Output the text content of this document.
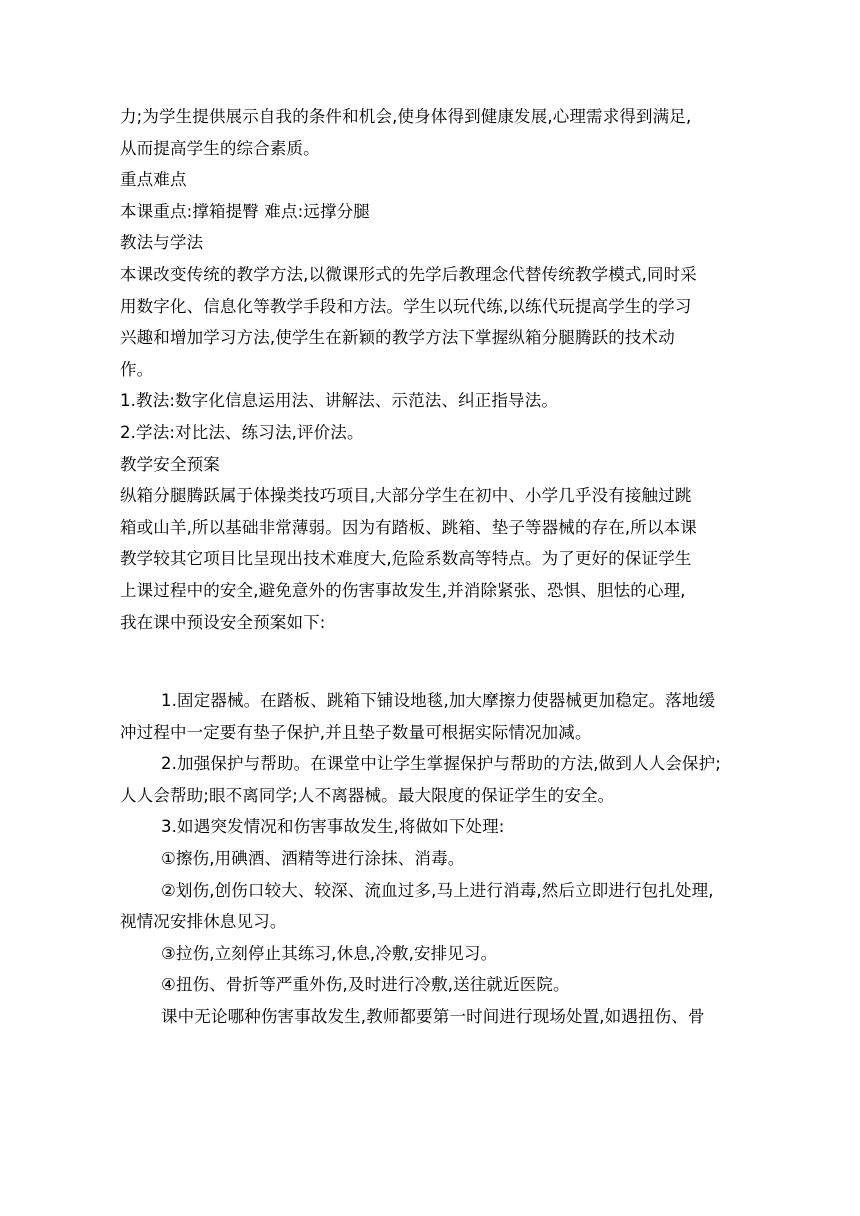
力;为学生提供展示自我的条件和机会,使身体得到健康发展,心理需求得到满足,
从而提高学生的综合素质。
重点难点
本课重点:撑箱提臀 难点:远撑分腿
教法与学法
本课改变传统的教学方法,以微课形式的先学后教理念代替传统教学模式,同时采
用数字化、信息化等教学手段和方法。学生以玩代练,以练代玩提高学生的学习
兴趣和增加学习方法,使学生在新颖的教学方法下掌握纵箱分腿腾跃的技术动
作。
1.教法:数字化信息运用法、讲解法、示范法、纠正指导法。
2.学法:对比法、练习法,评价法。
教学安全预案
纵箱分腿腾跃属于体操类技巧项目,大部分学生在初中、小学几乎没有接触过跳
箱或山羊,所以基础非常薄弱。因为有踏板、跳箱、垫子等器械的存在,所以本课
教学较其它项目比呈现出技术难度大,危险系数高等特点。为了更好的保证学生
上课过程中的安全,避免意外的伤害事故发生,并消除紧张、恐惧、胆怯的心理,
我在课中预设安全预案如下:
1.固定器械。在踏板、跳箱下铺设地毯,加大摩擦力使器械更加稳定。落地缓
冲过程中一定要有垫子保护,并且垫子数量可根据实际情况加减。
2.加强保护与帮助。在课堂中让学生掌握保护与帮助的方法,做到人人会保护;
人人会帮助;眼不离同学;人不离器械。最大限度的保证学生的安全。
3.如遇突发情况和伤害事故发生,将做如下处理:
①擦伤,用碘酒、酒精等进行涂抹、消毒。
②划伤,创伤口较大、较深、流血过多,马上进行消毒,然后立即进行包扎处理,
视情况安排休息见习。
③拉伤,立刻停止其练习,休息,冷敷,安排见习。
④扭伤、骨折等严重外伤,及时进行冷敷,送往就近医院。
课中无论哪种伤害事故发生,教师都要第一时间进行现场处置,如遇扭伤、骨
